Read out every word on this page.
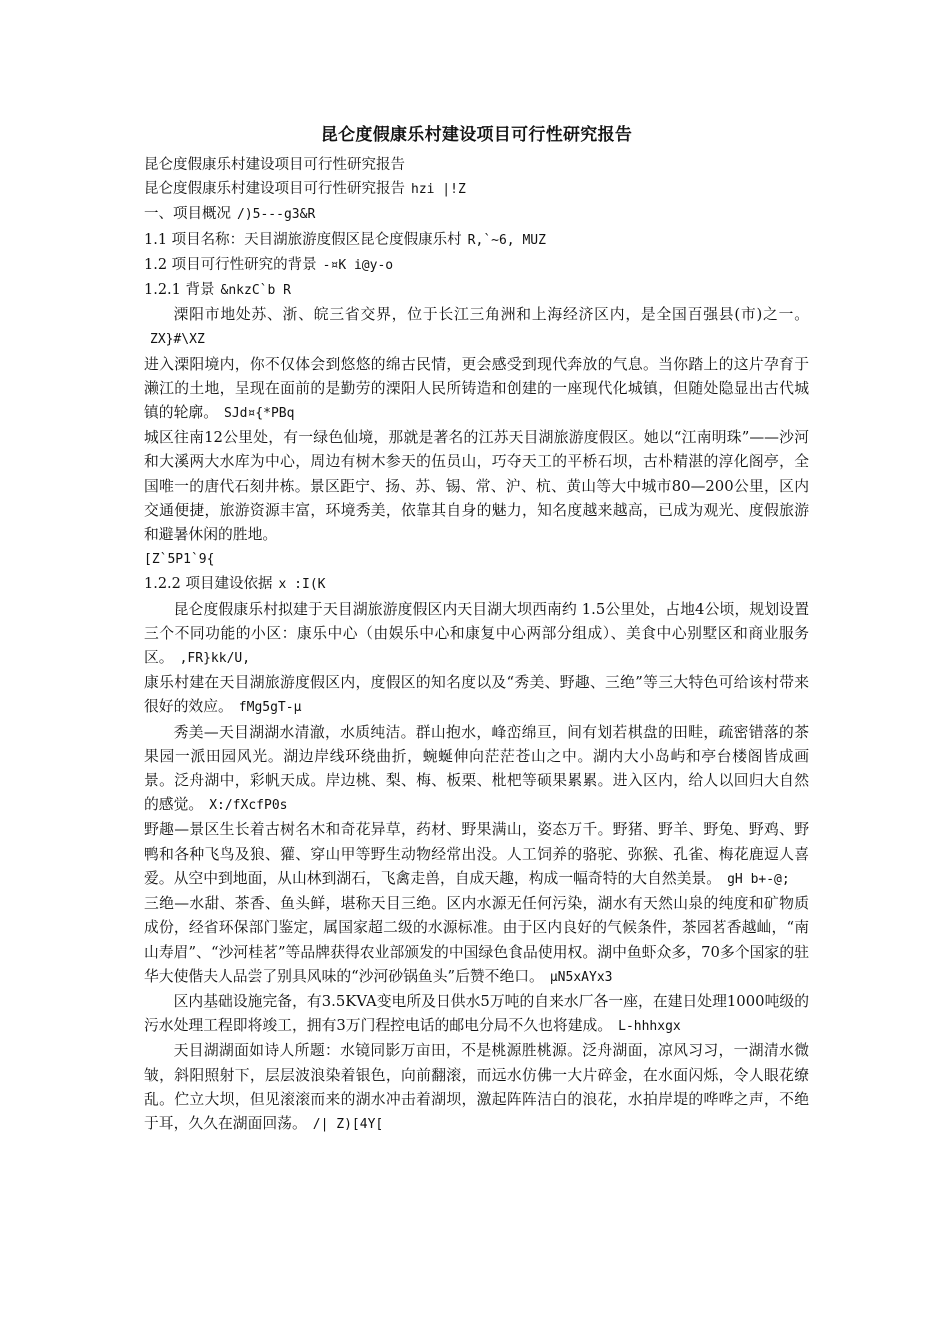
昆仑度假康乐村建设项目可行性研究报告

昆仑度假康乐村建设项目可行性研究报告

昆仑度假康乐村建设项目可行性研究报告 hzi |!Z

一、项目概况 /)5---g3&R

1.1 项目名称：天目湖旅游度假区昆仑度假康乐村 R,`~6, MUZ

1.2 项目可行性研究的背景 -¤K i@y-o

1.2.1 背景 &nkzC`b R

溧阳市地处苏、浙、皖三省交界，位于长江三角洲和上海经济区内，是全国百强县(市)之一。ZX}#\XZ

进入溧阳境内，你不仅体会到悠悠的绵古民情，更会感受到现代奔放的气息。当你踏上的这片孕育于濑江的土地，呈现在面前的是勤劳的溧阳人民所铸造和创建的一座现代化城镇，但随处隐显出古代城镇的轮廓。 SJd¤{*PBq

城区往南12公里处，有一绿色仙境，那就是著名的江苏天目湖旅游度假区。她以“江南明珠”——沙河和大溪两大水库为中心，周边有树木参天的伍员山，巧夺天工的平桥石坝，古朴精湛的淳化阁亭，全国唯一的唐代石刻井栋。景区距宁、扬、苏、锡、常、沪、杭、黄山等大中城市80—200公里，区内交通便捷，旅游资源丰富，环境秀美，依靠其自身的魅力，知名度越来越高，已成为观光、度假旅游和避暑休闲的胜地。

[Z`5P1`9{

1.2.2 项目建设依据 x :I(K

昆仑度假康乐村拟建于天目湖旅游度假区内天目湖大坝西南约 1.5公里处，占地4公顷，规划设置三个不同功能的小区：康乐中心（由娱乐中心和康复中心两部分组成）、美食中心别墅区和商业服务区。 ,FR}kk/U,

康乐村建在天目湖旅游度假区内，度假区的知名度以及“秀美、野趣、三绝”等三大特色可给该村带来很好的效应。 fMg5gT-µ

秀美—天目湖湖水清澈，水质纯洁。群山抱水，峰峦绵亘，间有划若棋盘的田畦，疏密错落的茶果园一派田园风光。湖边岸线环绕曲折，蜿蜒伸向茫茫苍山之中。湖内大小岛屿和亭台楼阁皆成画景。泛舟湖中，彩帆天成。岸边桃、梨、梅、板栗、枇杷等硕果累累。进入区内，给人以回归大自然的感觉。 X:/fXcfP0s

野趣—景区生长着古树名木和奇花异草，药材、野果满山，姿态万千。野猪、野羊、野兔、野鸡、野鸭和各种飞鸟及狼、獾、穿山甲等野生动物经常出没。人工饲养的骆驼、弥猴、孔雀、梅花鹿逗人喜爱。从空中到地面，从山林到湖石，飞禽走兽，自成天趣，构成一幅奇特的大自然美景。 gH b+-@;

三绝—水甜、茶香、鱼头鲜，堪称天目三绝。区内水源无任何污染，湖水有天然山泉的纯度和矿物质成份，经省环保部门鉴定，属国家超二级的水源标准。由于区内良好的气候条件，茶园茗香越屾，“南山寿眉”、“沙河桂茗”等品牌获得农业部颁发的中国绿色食品使用权。湖中鱼虾众多，70多个国家的驻华大使偕夫人品尝了别具风味的“沙河砂锅鱼头”后赞不绝口。 µN5xAYx3

区内基础设施完备，有3.5KVA变电所及日供水5万吨的自来水厂各一座，在建日处理1000吨级的污水处理工程即将竣工，拥有3万门程控电话的邮电分局不久也将建成。 L-hhhxgx

天目湖湖面如诗人所题：水镜同影万亩田，不是桃源胜桃源。泛舟湖面，凉风习习，一湖清水微皱，斜阳照射下，层层波浪染着银色，向前翻滚，而远水仿佛一大片碎金，在水面闪烁，令人眼花缭乱。伫立大坝，但见滚滚而来的湖水冲击着湖坝，激起阵阵洁白的浪花，水拍岸堤的哗哗之声，不绝于耳，久久在湖面回荡。 /| Z)[4Y[
